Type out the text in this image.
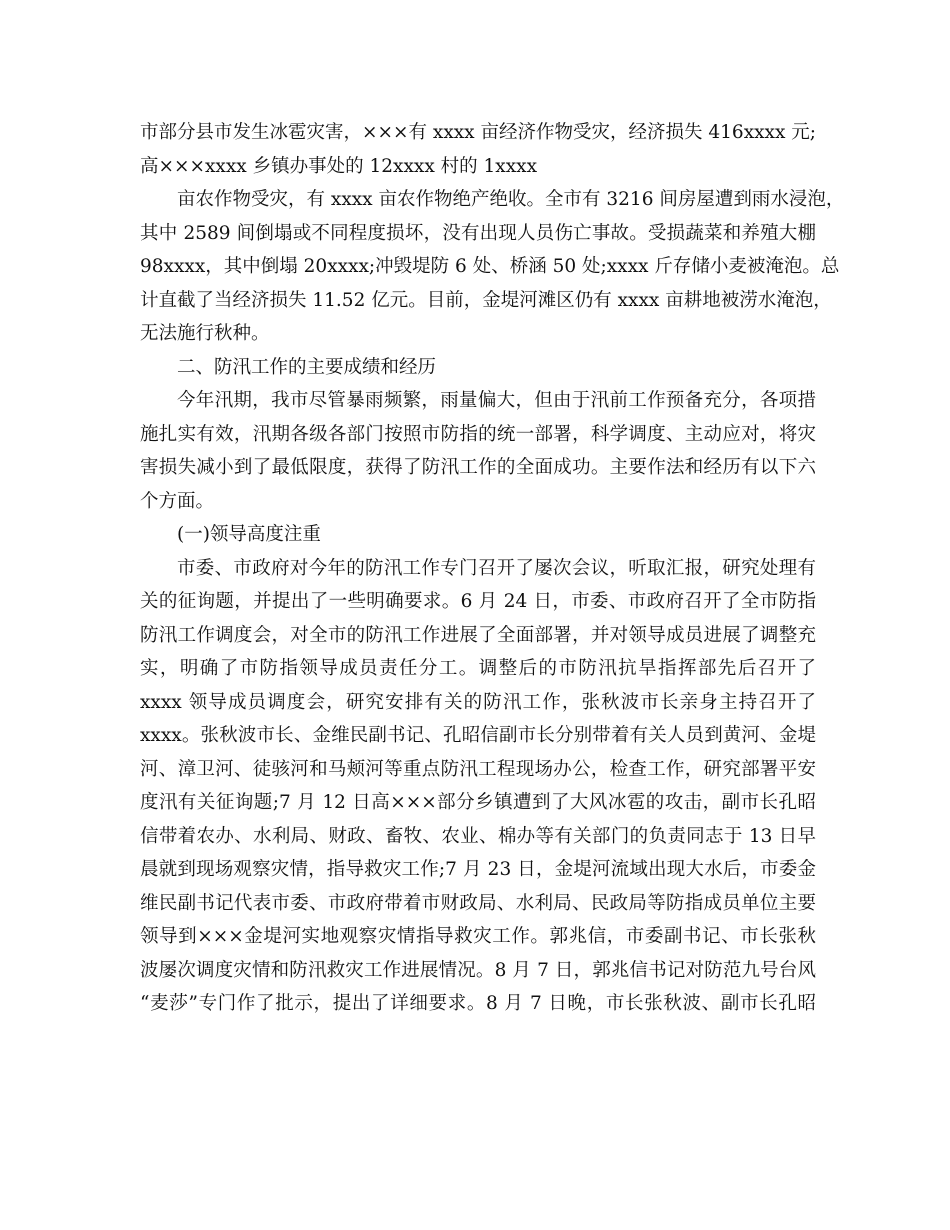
市部分县市发生冰雹灾害，×××有 xxxx 亩经济作物受灾，经济损失 416xxxx 元;
高×××xxxx 乡镇办事处的 12xxxx 村的 1xxxx
亩农作物受灾，有 xxxx 亩农作物绝产绝收。全市有 3216 间房屋遭到雨水浸泡，
其中 2589 间倒塌或不同程度损坏，没有出现人员伤亡事故。受损蔬菜和养殖大棚
98xxxx，其中倒塌 20xxxx;冲毁堤防 6 处、桥涵 50 处;xxxx 斤存储小麦被淹泡。总
计直截了当经济损失 11.52 亿元。目前，金堤河滩区仍有 xxxx 亩耕地被涝水淹泡，
无法施行秋种。
二、防汛工作的主要成绩和经历
今年汛期，我市尽管暴雨频繁，雨量偏大，但由于汛前工作预备充分，各项措
施扎实有效，汛期各级各部门按照市防指的统一部署，科学调度、主动应对，将灾
害损失减小到了最低限度，获得了防汛工作的全面成功。主要作法和经历有以下六
个方面。
(一)领导高度注重
市委、市政府对今年的防汛工作专门召开了屡次会议，听取汇报，研究处理有
关的征询题，并提出了一些明确要求。6 月 24 日，市委、市政府召开了全市防指
防汛工作调度会，对全市的防汛工作进展了全面部署，并对领导成员进展了调整充
实，明确了市防指领导成员责任分工。调整后的市防汛抗旱指挥部先后召开了
xxxx 领导成员调度会，研究安排有关的防汛工作，张秋波市长亲身主持召开了
xxxx。张秋波市长、金维民副书记、孔昭信副市长分别带着有关人员到黄河、金堤
河、漳卫河、徒骇河和马颊河等重点防汛工程现场办公，检查工作，研究部署平安
度汛有关征询题;7 月 12 日高×××部分乡镇遭到了大风冰雹的攻击，副市长孔昭
信带着农办、水利局、财政、畜牧、农业、棉办等有关部门的负责同志于 13 日早
晨就到现场观察灾情，指导救灾工作;7 月 23 日，金堤河流域出现大水后，市委金
维民副书记代表市委、市政府带着市财政局、水利局、民政局等防指成员单位主要
领导到×××金堤河实地观察灾情指导救灾工作。郭兆信，市委副书记、市长张秋
波屡次调度灾情和防汛救灾工作进展情况。8 月 7 日，郭兆信书记对防范九号台风
“麦莎”专门作了批示，提出了详细要求。8 月 7 日晚，市长张秋波、副市长孔昭
